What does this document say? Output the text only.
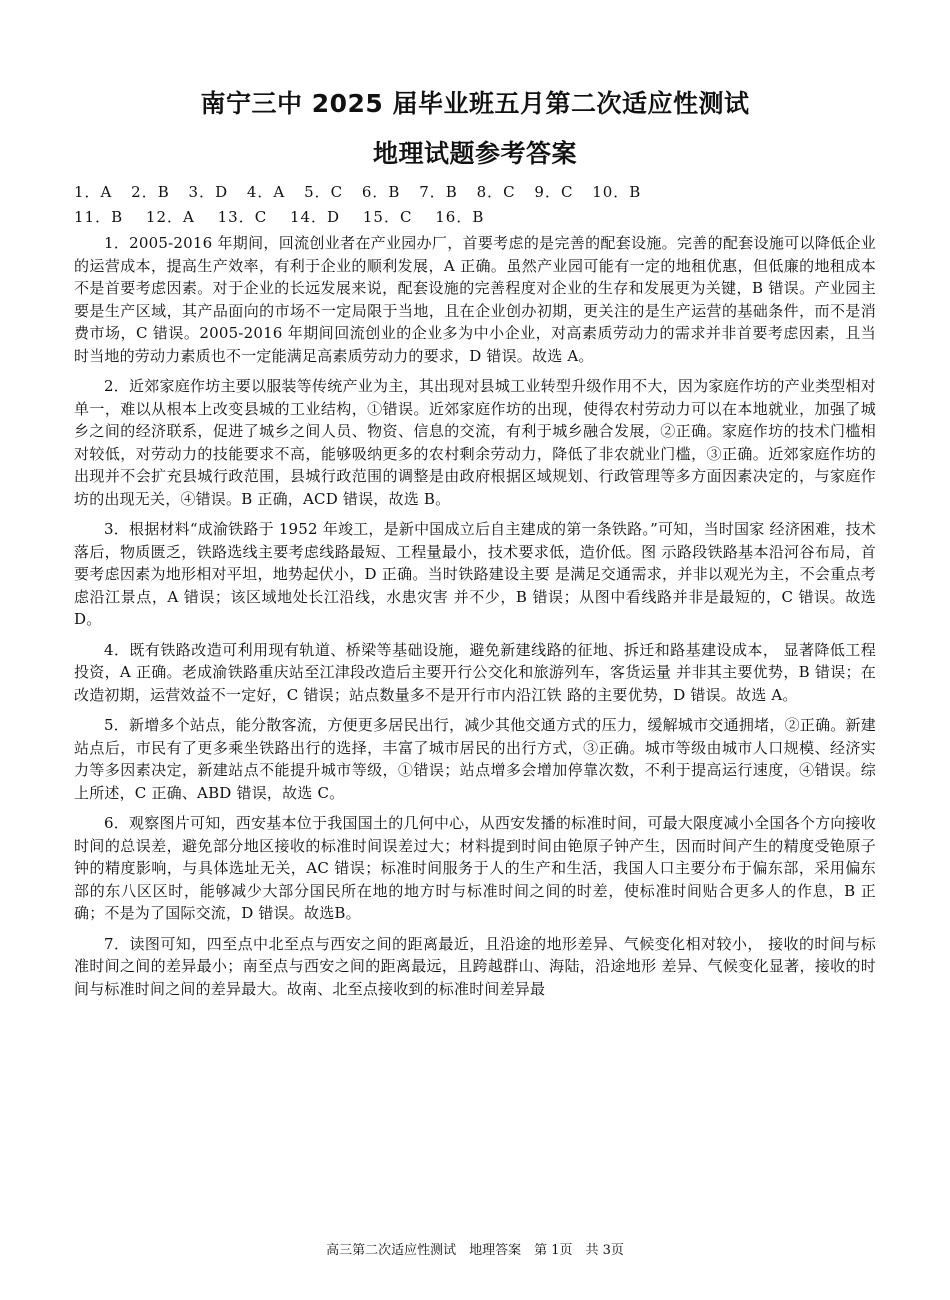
南宁三中 2025 届毕业班五月第二次适应性测试
地理试题参考答案
1．A 2．B 3．D 4．A 5．C 6．B 7．B 8．C 9．C 10．B
11．B 12．A 13．C 14．D 15．C 16．B

1．2005-2016 年期间，回流创业者在产业园办厂，首要考虑的是完善的配套设施。完善的配套设施可以降低企业的运营成本，提高生产效率，有利于企业的顺利发展，A 正确。虽然产业园可能有一定的地租优惠，但低廉的地租成本不是首要考虑因素。对于企业的长远发展来说，配套设施的完善程度对企业的生存和发展更为关键，B 错误。产业园主要是生产区域，其产品面向的市场不一定局限于当地，且在企业创办初期，更关注的是生产运营的基础条件，而不是消费市场，C 错误。2005-2016 年期间回流创业的企业多为中小企业，对高素质劳动力的需求并非首要考虑因素，且当时当地的劳动力素质也不一定能满足高素质劳动力的要求，D 错误。故选 A。

2．近郊家庭作坊主要以服装等传统产业为主，其出现对县城工业转型升级作用不大，因为家庭作坊的产业类型相对单一，难以从根本上改变县城的工业结构，①错误。近郊家庭作坊的出现，使得农村劳动力可以在本地就业，加强了城乡之间的经济联系，促进了城乡之间人员、物资、信息的交流，有利于城乡融合发展，②正确。家庭作坊的技术门槛相对较低，对劳动力的技能要求不高，能够吸纳更多的农村剩余劳动力，降低了非农就业门槛，③正确。近郊家庭作坊的出现并不会扩充县城行政范围，县城行政范围的调整是由政府根据区域规划、行政管理等多方面因素决定的，与家庭作坊的出现无关，④错误。B 正确，ACD 错误，故选 B。

3．根据材料“成渝铁路于 1952 年竣工，是新中国成立后自主建成的第一条铁路。”可知，当时国家 经济困难，技术落后，物质匮乏，铁路选线主要考虑线路最短、工程量最小，技术要求低，造价低。图 示路段铁路基本沿河谷布局，首要考虑因素为地形相对平坦，地势起伏小，D 正确。当时铁路建设主要 是满足交通需求，并非以观光为主，不会重点考虑沿江景点，A 错误；该区域地处长江沿线，水患灾害 并不少，B 错误；从图中看线路并非是最短的，C 错误。故选 D。

4．既有铁路改造可利用现有轨道、桥梁等基础设施，避免新建线路的征地、拆迁和路基建设成本， 显著降低工程投资，A 正确。老成渝铁路重庆站至江津段改造后主要开行公交化和旅游列车，客货运量 并非其主要优势，B 错误；在改造初期，运营效益不一定好，C 错误；站点数量多不是开行市内沿江铁 路的主要优势，D 错误。故选 A。

5．新增多个站点，能分散客流，方便更多居民出行，减少其他交通方式的压力，缓解城市交通拥堵，②正确。新建站点后，市民有了更多乘坐铁路出行的选择，丰富了城市居民的出行方式，③正确。城市等级由城市人口规模、经济实力等多因素决定，新建站点不能提升城市等级，①错误；站点增多会增加停靠次数，不利于提高运行速度，④错误。综上所述，C 正确、ABD 错误，故选 C。

6．观察图片可知，西安基本位于我国国土的几何中心，从西安发播的标准时间，可最大限度减小全国各个方向接收时间的总误差，避免部分地区接收的标准时间误差过大；材料提到时间由铯原子钟产生，因而时间产生的精度受铯原子钟的精度影响，与具体选址无关，AC 错误；标准时间服务于人的生产和生活，我国人口主要分布于偏东部，采用偏东部的东八区区时，能够减少大部分国民所在地的地方时与标准时间之间的时差，使标准时间贴合更多人的作息，B 正确；不是为了国际交流，D 错误。故选B。

7．读图可知，四至点中北至点与西安之间的距离最近，且沿途的地形差异、气候变化相对较小， 接收的时间与标准时间之间的差异最小；南至点与西安之间的距离最远，且跨越群山、海陆，沿途地形 差异、气候变化显著，接收的时间与标准时间之间的差异最大。故南、北至点接收到的标准时间差异最

高三第二次适应性测试　地理答案　第 1页　共 3页
